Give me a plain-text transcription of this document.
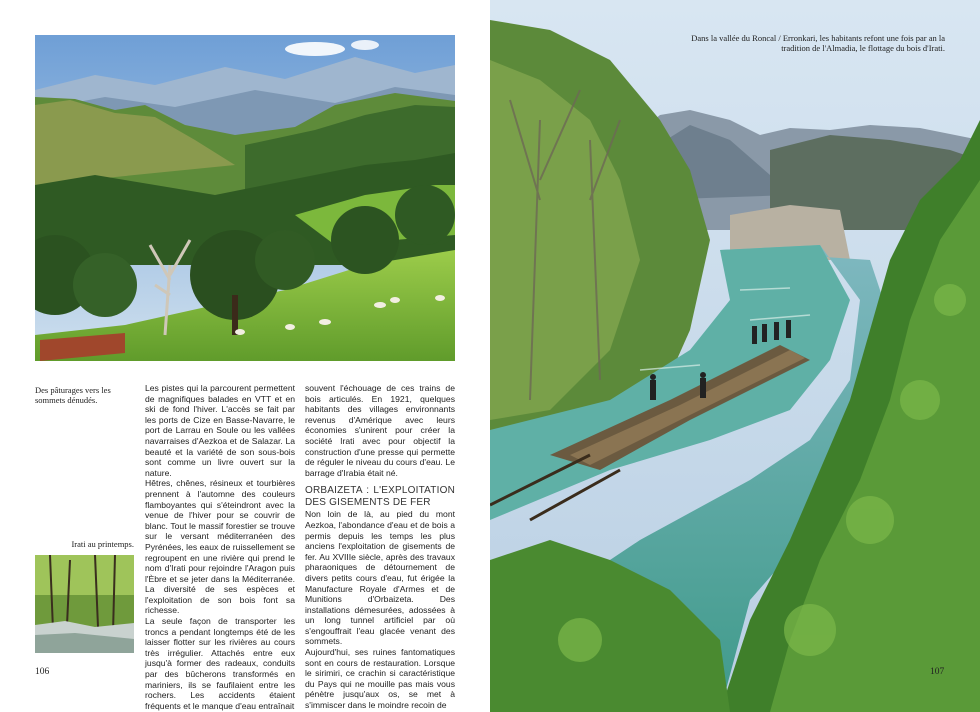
Des pâturages vers les sommets dénudés.
Irati au printemps.

Les pistes qui la parcourent permettent de magnifiques balades en VTT et en ski de fond l'hiver. L'accès se fait par les ports de Cize en Basse-Navarre, le port de Larrau en Soule ou les vallées navarraises d'Aezkoa et de Salazar. La beauté et la variété de son sous-bois sont comme un livre ouvert sur la nature.

Hêtres, chênes, résineux et tourbières prennent à l'automne des couleurs flamboyantes qui s'éteindront avec la venue de l'hiver pour se couvrir de blanc. Tout le massif forestier se trouve sur le versant méditerranéen des Pyrénées, les eaux de ruissellement se regroupent en une rivière qui prend le nom d'Irati pour rejoindre l'Aragon puis l'Èbre et se jeter dans la Méditerranée. La diversité de ses espèces et l'exploitation de son bois font sa richesse.

La seule façon de transporter les troncs a pendant longtemps été de les laisser flotter sur les rivières au cours très irrégulier. Attachés entre eux jusqu'à former des radeaux, conduits par des bûcherons transformés en mariniers, ils se faufilaient entre les rochers. Les accidents étaient fréquents et le manque d'eau entraînait

souvent l'échouage de ces trains de bois articulés. En 1921, quelques habitants des villages environnants revenus d'Amérique avec leurs économies s'unirent pour créer la société Irati avec pour objectif la construction d'une presse qui permette de réguler le niveau du cours d'eau. Le barrage d'Irabia était né.

ORBAIZETA : L'EXPLOITATION DES GISEMENTS DE FER

Non loin de là, au pied du mont Aezkoa, l'abondance d'eau et de bois a permis depuis les temps les plus anciens l'exploitation de gisements de fer. Au XVIIIe siècle, après des travaux pharaoniques de détournement de divers petits cours d'eau, fut érigée la Manufacture Royale d'Armes et de Munitions d'Orbaizeta. Des installations démesurées, adossées à un long tunnel artificiel par où s'engouffrait l'eau glacée venant des sommets.

Aujourd'hui, ses ruines fantomatiques sont en cours de restauration. Lorsque le sirimiri, ce crachin si caractéristique du Pays qui ne mouille pas mais vous pénètre jusqu'aux os, se met à s'immiscer dans le moindre recoin de

106
Dans la vallée du Roncal / Erronkari, les habitants refont une fois par an la tradition de l'Almadia, le flottage du bois d'Irati.
107
